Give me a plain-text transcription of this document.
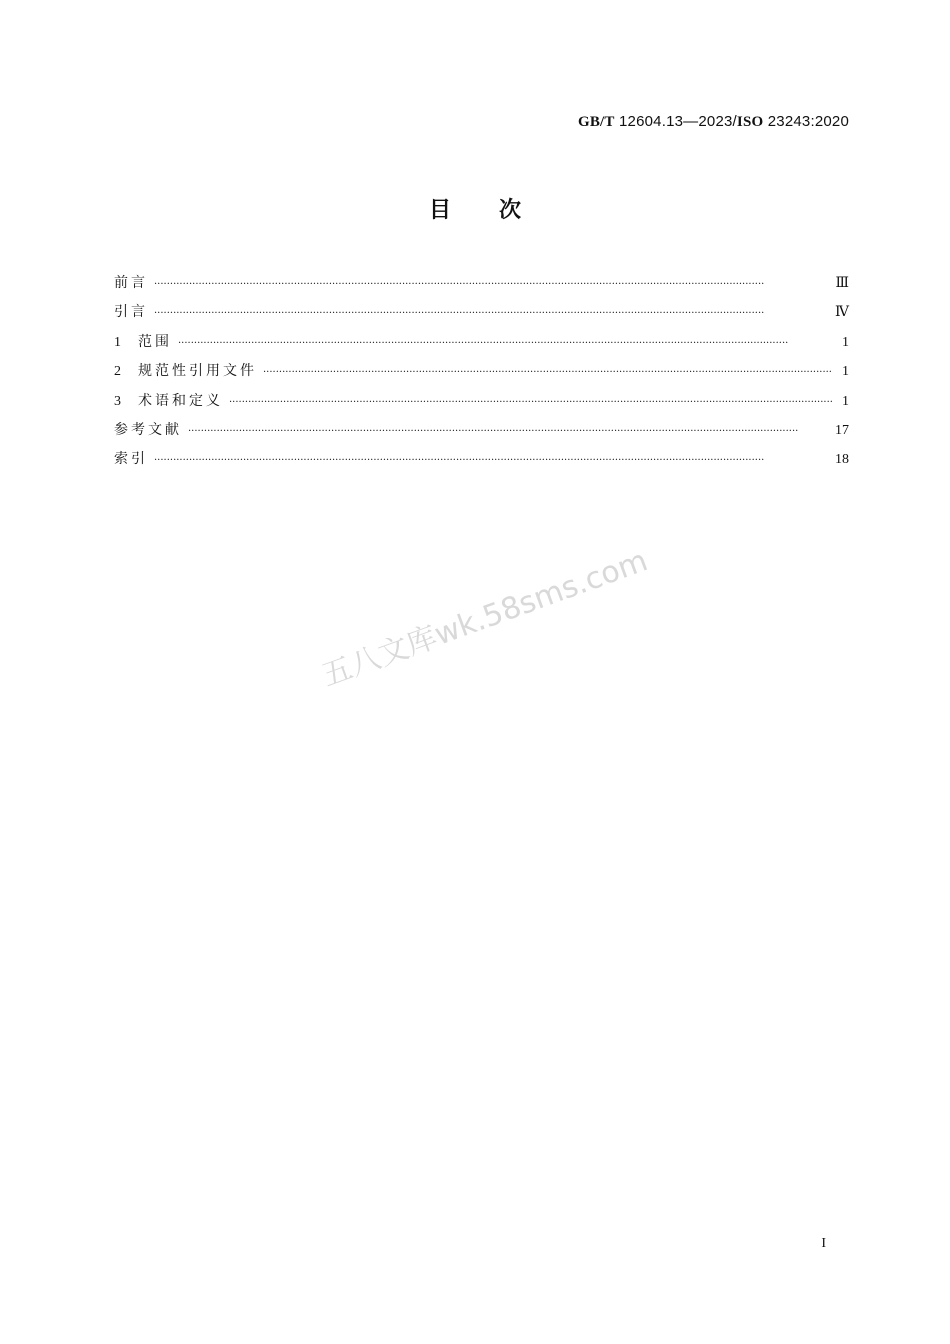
GB/T 12604.13—2023/ISO 23243:2020
目次
前言 ·····	Ⅲ
引言 ·····	Ⅳ
1	范围 ·····	1
2	规范性引用文件 ·····	1
3	术语和定义 ·····	1
参考文献 ·····	17
索引 ·····	18
五八文库wk.58sms.com
I
